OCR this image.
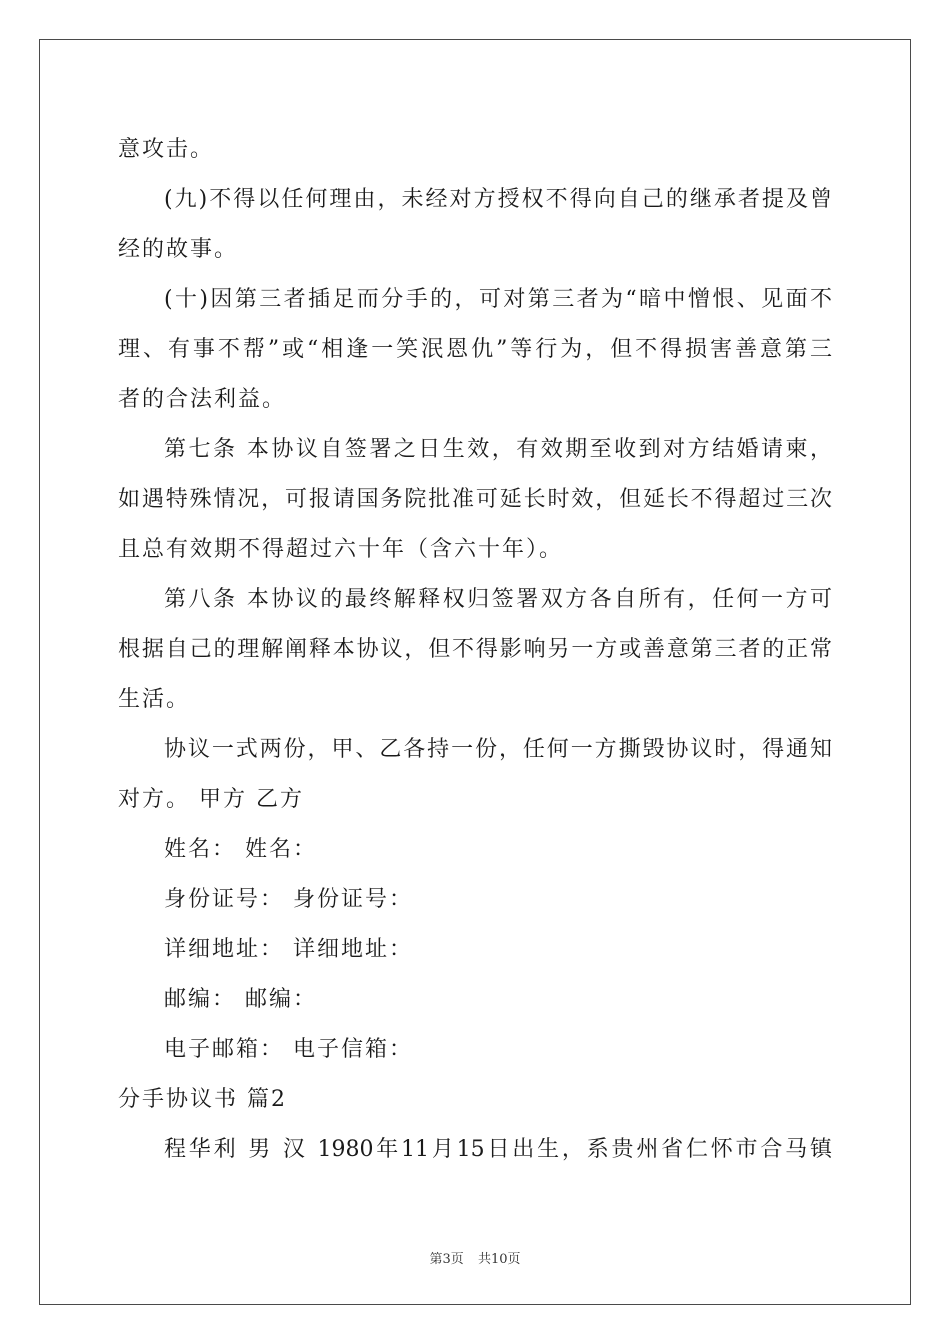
意攻击。
(九)不得以任何理由，未经对方授权不得向自己的继承者提及曾
经的故事。
(十)因第三者插足而分手的，可对第三者为“暗中憎恨、见面不
理、有事不帮”或“相逢一笑泯恩仇”等行为，但不得损害善意第三
者的合法利益。
第七条 本协议自签署之日生效，有效期至收到对方结婚请柬，
如遇特殊情况，可报请国务院批准可延长时效，但延长不得超过三次
且总有效期不得超过六十年（含六十年）。
第八条 本协议的最终解释权归签署双方各自所有，任何一方可
根据自己的理解阐释本协议，但不得影响另一方或善意第三者的正常
生活。
协议一式两份，甲、乙各持一份，任何一方撕毁协议时，得通知
对方。 甲方 乙方
姓名： 姓名：
身份证号： 身份证号：
详细地址： 详细地址：
邮编： 邮编：
电子邮箱： 电子信箱：
分手协议书 篇2
程华利 男 汉 1980年11月15日出生，系贵州省仁怀市合马镇
第3页 共10页
